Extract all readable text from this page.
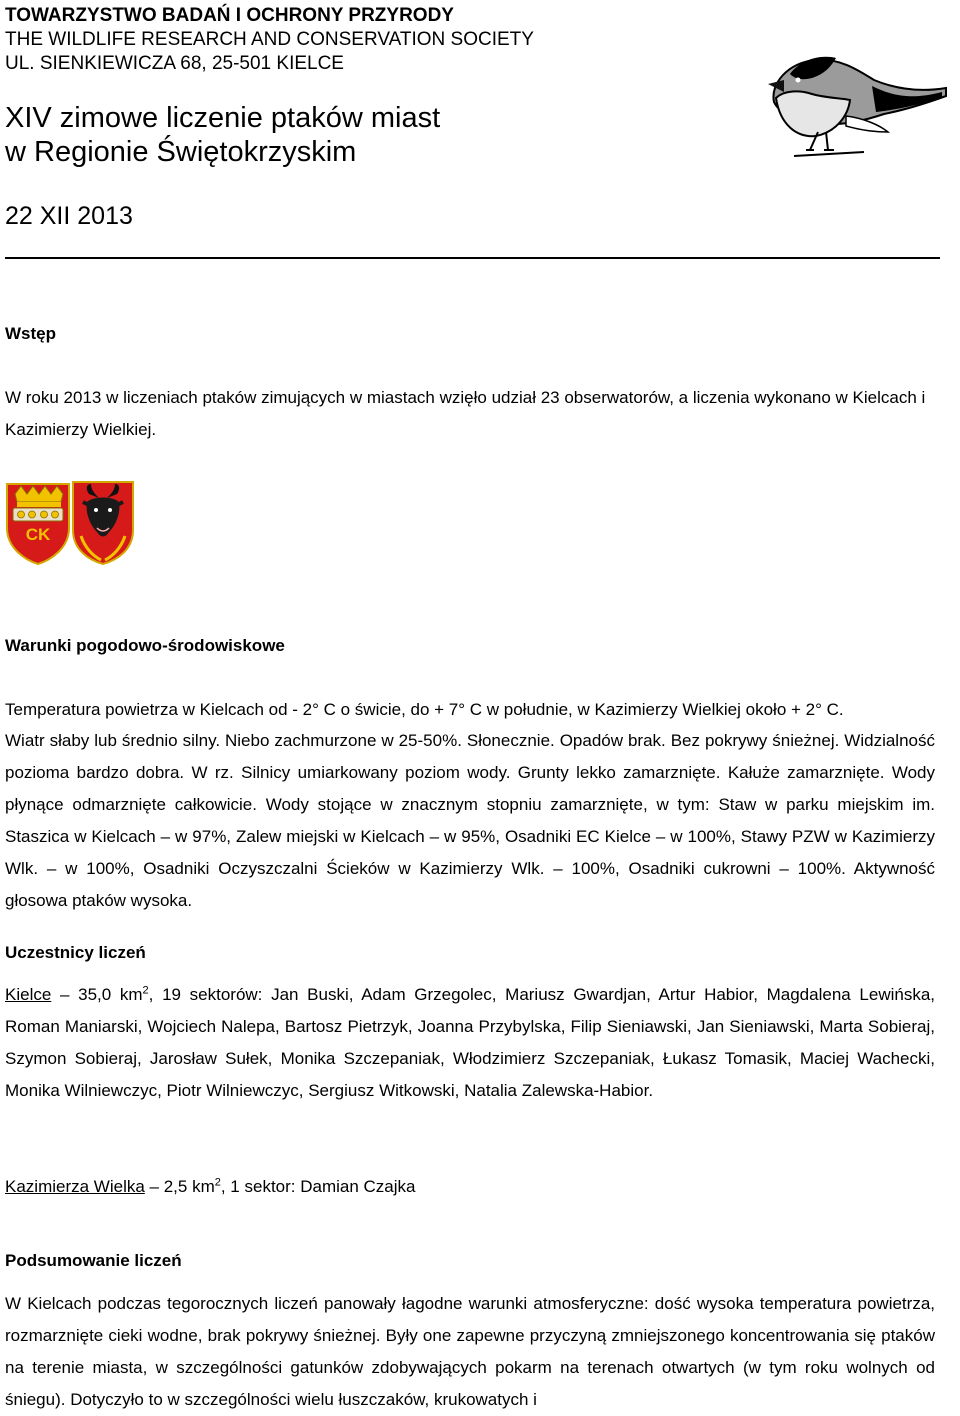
TOWARZYSTWO BADAŃ I OCHRONY PRZYRODY
THE WILDLIFE RESEARCH AND CONSERVATION SOCIETY
UL. SIENKIEWICZA 68, 25-501 KIELCE
XIV zimowe liczenie ptaków miast
w Regionie Świętokrzyskim
22 XII 2013
Wstęp
W roku 2013 w liczeniach ptaków zimujących w miastach wzięło udział 23 obserwatorów, a liczenia wykonano w Kielcach i Kazimierzy Wielkiej.
CK
Warunki pogodowo-środowiskowe
Temperatura powietrza w Kielcach od - 2° C o świcie, do + 7° C w południe, w Kazimierzy Wielkiej około + 2° C.
Wiatr słaby lub średnio silny. Niebo zachmurzone w 25-50%. Słonecznie. Opadów brak. Bez pokrywy śnieżnej. Widzialność pozioma bardzo dobra. W rz. Silnicy umiarkowany poziom wody. Grunty lekko zamarznięte. Kałuże zamarznięte. Wody płynące odmarznięte całkowicie. Wody stojące w znacznym stopniu zamarznięte, w tym: Staw w parku miejskim im. Staszica w Kielcach – w 97%, Zalew miejski w Kielcach – w 95%, Osadniki EC Kielce – w 100%, Stawy PZW w Kazimierzy Wlk. – w 100%, Osadniki Oczyszczalni Ścieków w Kazimierzy Wlk. – 100%, Osadniki cukrowni – 100%. Aktywność głosowa ptaków wysoka.
Uczestnicy liczeń
Kielce – 35,0 $km^2$, 19 sektorów: Jan Buski, Adam Grzegolec, Mariusz Gwardjan, Artur Habior, Magdalena Lewińska, Roman Maniarski, Wojciech Nalepa, Bartosz Pietrzyk, Joanna Przybylska, Filip Sieniawski, Jan Sieniawski, Marta Sobieraj, Szymon Sobieraj, Jarosław Sułek, Monika Szczepaniak, Włodzimierz Szczepaniak, Łukasz Tomasik, Maciej Wachecki, Monika Wilniewczyc, Piotr Wilniewczyc, Sergiusz Witkowski, Natalia Zalewska-Habior.
Kazimierza Wielka – 2,5 $km^2$, 1 sektor: Damian Czajka
Podsumowanie liczeń
W Kielcach podczas tegorocznych liczeń panowały łagodne warunki atmosferyczne: dość wysoka temperatura powietrza, rozmarznięte cieki wodne, brak pokrywy śnieżnej. Były one zapewne przyczyną zmniejszonego koncentrowania się ptaków na terenie miasta, w szczególności gatunków zdobywających pokarm na terenach otwartych (w tym roku wolnych od śniegu). Dotyczyło to w szczególności wielu łuszczaków, krukowatych i
